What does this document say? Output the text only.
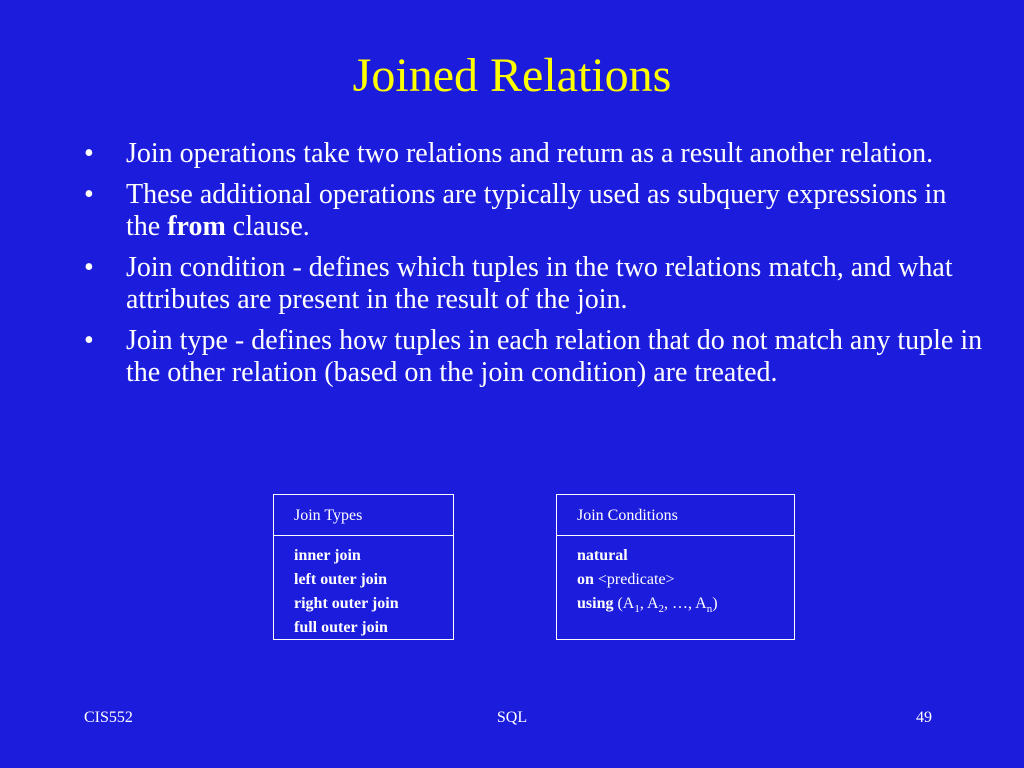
Joined Relations
• Join operations take two relations and return as a result another relation.
• These additional operations are typically used as subquery expressions in the from clause.
• Join condition - defines which tuples in the two relations match, and what attributes are present in the result of the join.
• Join type - defines how tuples in each relation that do not match any tuple in the other relation (based on the join condition) are treated.
Join Types
inner join
left outer join
right outer join
full outer join
Join Conditions
natural
on <predicate>
using ($A_1$, $A_2$, …, $A_n$)
CIS552	SQL	49
